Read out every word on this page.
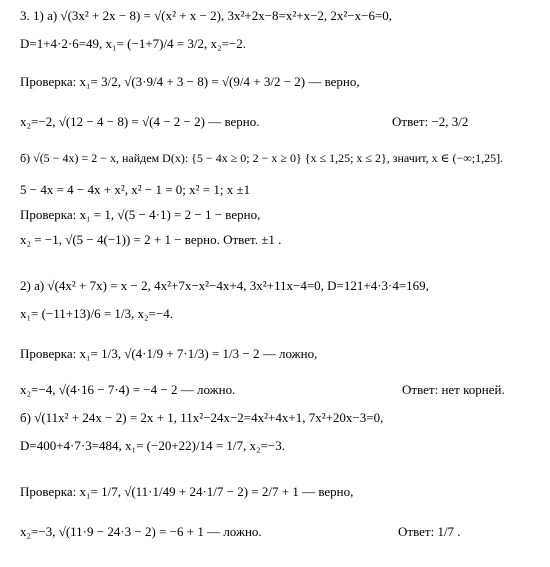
3. 1) а) √(3x² + 2x − 8) = √(x² + x − 2), 3x²+2x−8=x²+x−2, 2x²−x−6=0,
D=1+4·2·6=49, x₁= (−1+7)/4 = 3/2, x₂=−2.
Проверка: x₁= 3/2, √(3·9/4 + 3 − 8) = √(9/4 + 3/2 − 2) — верно,
x₂=−2, √(12 − 4 − 8) = √(4 − 2 − 2) — верно.	Ответ: −2, 3/2
б) √(5 − 4x) = 2 − x, найдем D(x): {5 − 4x ≥ 0; 2 − x ≥ 0} {x ≤ 1,25; x ≤ 2}, значит, x ∈ (−∞;1,25].
5 − 4x = 4 − 4x + x², x² − 1 = 0; x² = 1; x ±1
Проверка: x₁ = 1, √(5 − 4·1) = 2 − 1 − верно,
x₂ = −1, √(5 − 4(−1)) = 2 + 1 − верно. Ответ. ±1 .
2) а) √(4x² + 7x) = x − 2, 4x²+7x−x²−4x+4, 3x²+11x−4=0, D=121+4·3·4=169,
x₁= (−11+13)/6 = 1/3, x₂=−4.
Проверка: x₁= 1/3, √(4·1/9 + 7·1/3) = 1/3 − 2 — ложно,
x₂=−4, √(4·16 − 7·4) = −4 − 2 — ложно.	Ответ: нет корней.
б) √(11x² + 24x − 2) = 2x + 1, 11x²−24x−2=4x²+4x+1, 7x²+20x−3=0,
D=400+4·7·3=484, x₁= (−20+22)/14 = 1/7, x₂=−3.
Проверка: x₁= 1/7, √(11·1/49 + 24·1/7 − 2) = 2/7 + 1 — верно,
x₂=−3, √(11·9 − 24·3 − 2) = −6 + 1 — ложно.	Ответ: 1/7 .
